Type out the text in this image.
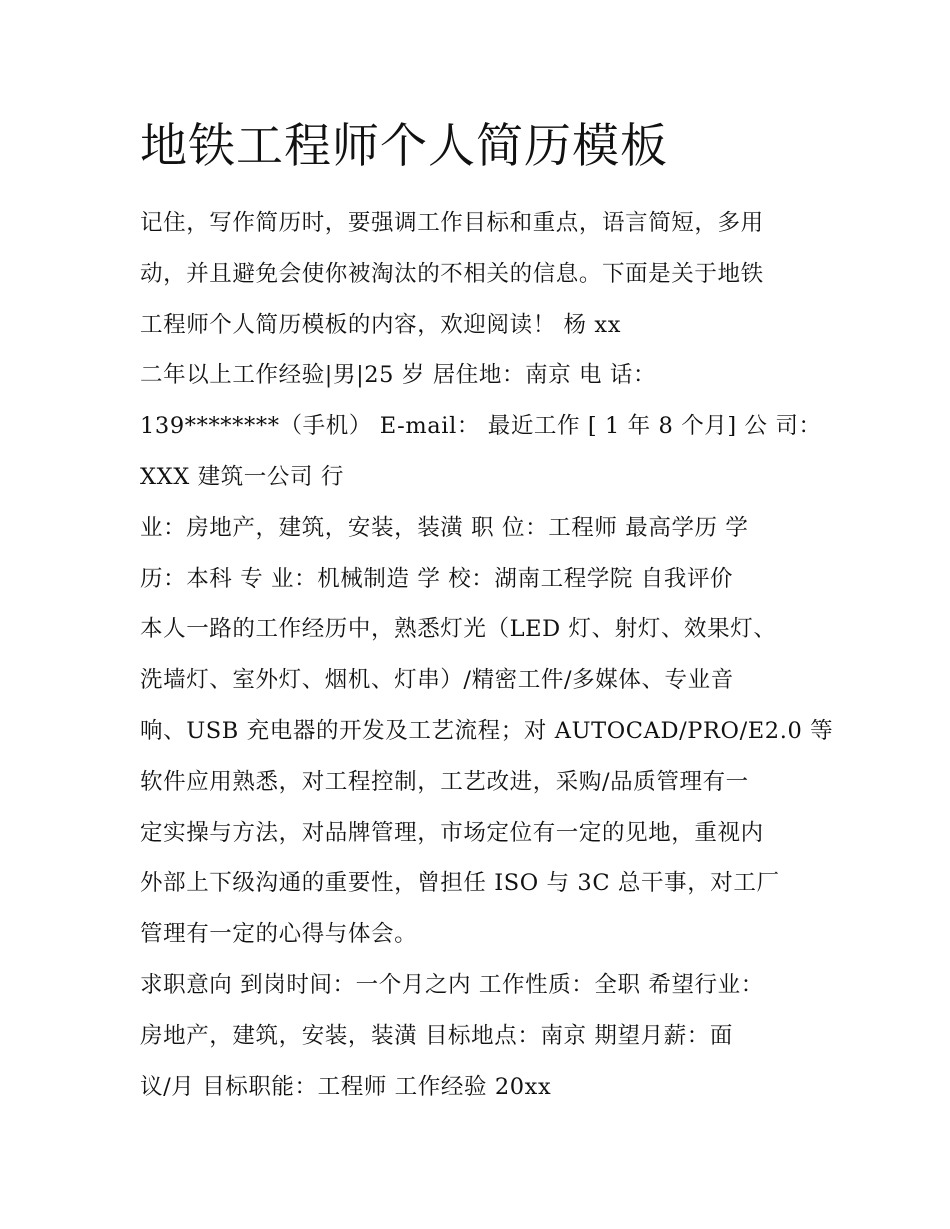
地铁工程师个人简历模板
记住，写作简历时，要强调工作目标和重点，语言简短，多用
动，并且避免会使你被淘汰的不相关的信息。下面是关于地铁
工程师个人简历模板的内容，欢迎阅读！ 杨 xx
二年以上工作经验|男|25 岁 居住地：南京 电 话：
139********（手机） E-mail： 最近工作 [ 1 年 8 个月] 公 司：
XXX 建筑一公司 行
业：房地产，建筑，安装，装潢 职 位：工程师 最高学历 学
历：本科 专 业：机械制造 学 校：湖南工程学院 自我评价
本人一路的工作经历中，熟悉灯光（LED 灯、射灯、效果灯、
洗墙灯、室外灯、烟机、灯串）/精密工件/多媒体、专业音
响、USB 充电器的开发及工艺流程；对 AUTOCAD/PRO/E2.0 等
软件应用熟悉，对工程控制，工艺改进，采购/品质管理有一
定实操与方法，对品牌管理，市场定位有一定的见地，重视内
外部上下级沟通的重要性，曾担任 ISO 与 3C 总干事，对工厂
管理有一定的心得与体会。
求职意向 到岗时间：一个月之内 工作性质：全职 希望行业：
房地产，建筑，安装，装潢 目标地点：南京 期望月薪：面
议/月 目标职能：工程师 工作经验 20xx
